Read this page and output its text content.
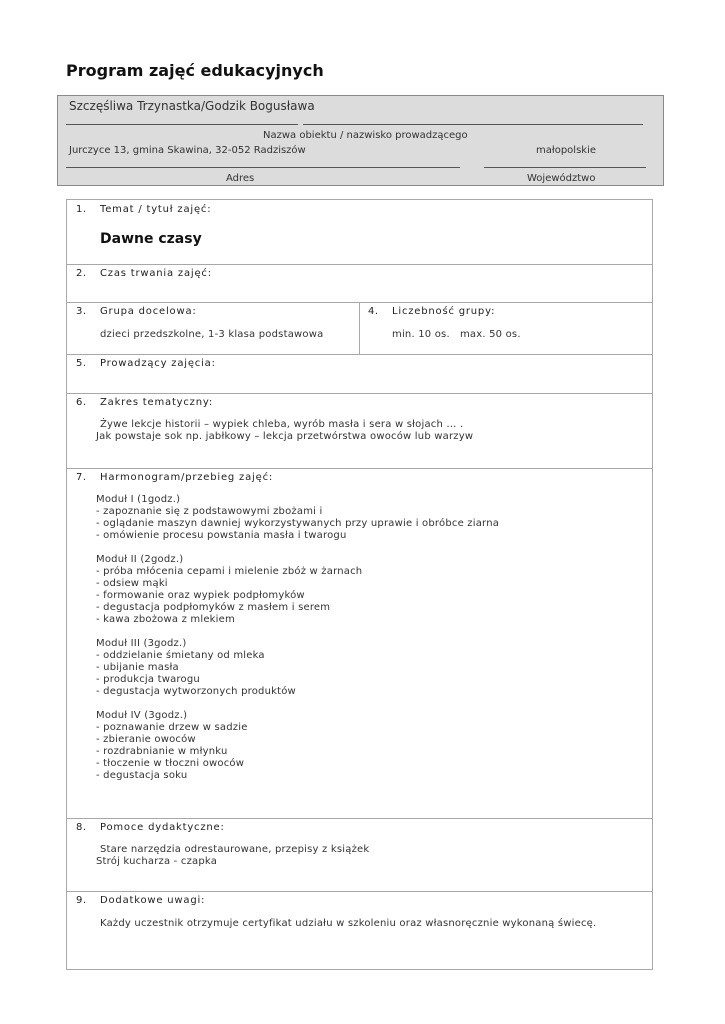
Program zajęć edukacyjnych
Szczęśliwa Trzynastka/Godzik Bogusława
Nazwa obiektu / nazwisko prowadzącego
Jurczyce 13, gmina Skawina, 32-052 Radziszów	małopolskie
Adres	Województwo
1. Temat / tytuł zajęć:
Dawne czasy
2. Czas trwania zajęć:
3. Grupa docelowa:
dzieci przedszkolne, 1-3 klasa podstawowa
4. Liczebność grupy:
min. 10 os.   max. 50 os.
5. Prowadzący zajęcia:
6. Zakres tematyczny:
Żywe lekcje historii – wypiek chleba, wyrób masła i sera w słojach … .
Jak powstaje sok np. jabłkowy – lekcja przetwórstwa owoców lub warzyw
7. Harmonogram/przebieg zajęć:
Moduł I (1godz.)
- zapoznanie się z podstawowymi zbożami i
- oglądanie maszyn dawniej wykorzystywanych przy uprawie i obróbce ziarna
- omówienie procesu powstania masła i twarogu
Moduł II (2godz.)
- próba młócenia cepami i mielenie zbóż w żarnach
- odsiew mąki
- formowanie oraz wypiek podpłomyków
- degustacja podpłomyków z masłem i serem
- kawa zbożowa z mlekiem
Moduł III (3godz.)
- oddzielanie śmietany od mleka
- ubijanie masła
- produkcja twarogu
- degustacja wytworzonych produktów
Moduł IV (3godz.)
- poznawanie drzew w sadzie
- zbieranie owoców
- rozdrabnianie w młynku
- tłoczenie w tłoczni owoców
- degustacja soku
8. Pomoce dydaktyczne:
Stare narzędzia odrestaurowane, przepisy z książek
Strój kucharza - czapka
9. Dodatkowe uwagi:
Każdy uczestnik otrzymuje certyfikat udziału w szkoleniu oraz własnoręcznie wykonaną świecę.
